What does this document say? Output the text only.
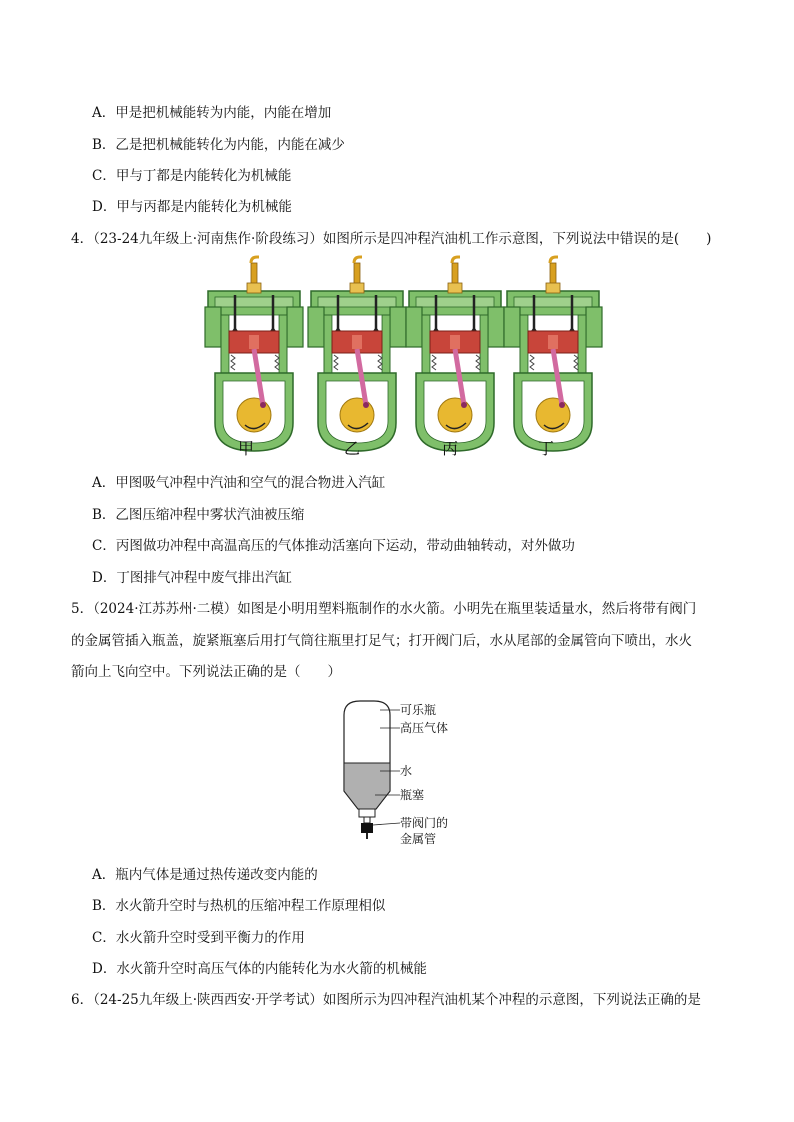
A．甲是把机械能转为内能，内能在增加
B．乙是把机械能转化为内能，内能在减少
C．甲与丁都是内能转化为机械能
D．甲与丙都是内能转化为机械能
4．（23-24九年级上·河南焦作·阶段练习）如图所示是四冲程汽油机工作示意图，下列说法中错误的是(　　)
甲	乙	丙	丁
A．甲图吸气冲程中汽油和空气的混合物进入汽缸
B．乙图压缩冲程中雾状汽油被压缩
C．丙图做功冲程中高温高压的气体推动活塞向下运动，带动曲轴转动，对外做功
D．丁图排气冲程中废气排出汽缸
5．（2024·江苏苏州·二模）如图是小明用塑料瓶制作的水火箭。小明先在瓶里装适量水，然后将带有阀门
的金属管插入瓶盖，旋紧瓶塞后用打气筒往瓶里打足气；打开阀门后，水从尾部的金属管向下喷出，水火
箭向上飞向空中。下列说法正确的是（　　）
可乐瓶
高压气体
水
瓶塞
带阀门的
金属管
A．瓶内气体是通过热传递改变内能的
B．水火箭升空时与热机的压缩冲程工作原理相似
C．水火箭升空时受到平衡力的作用
D．水火箭升空时高压气体的内能转化为水火箭的机械能
6．（24-25九年级上·陕西西安·开学考试）如图所示为四冲程汽油机某个冲程的示意图，下列说法正确的是
